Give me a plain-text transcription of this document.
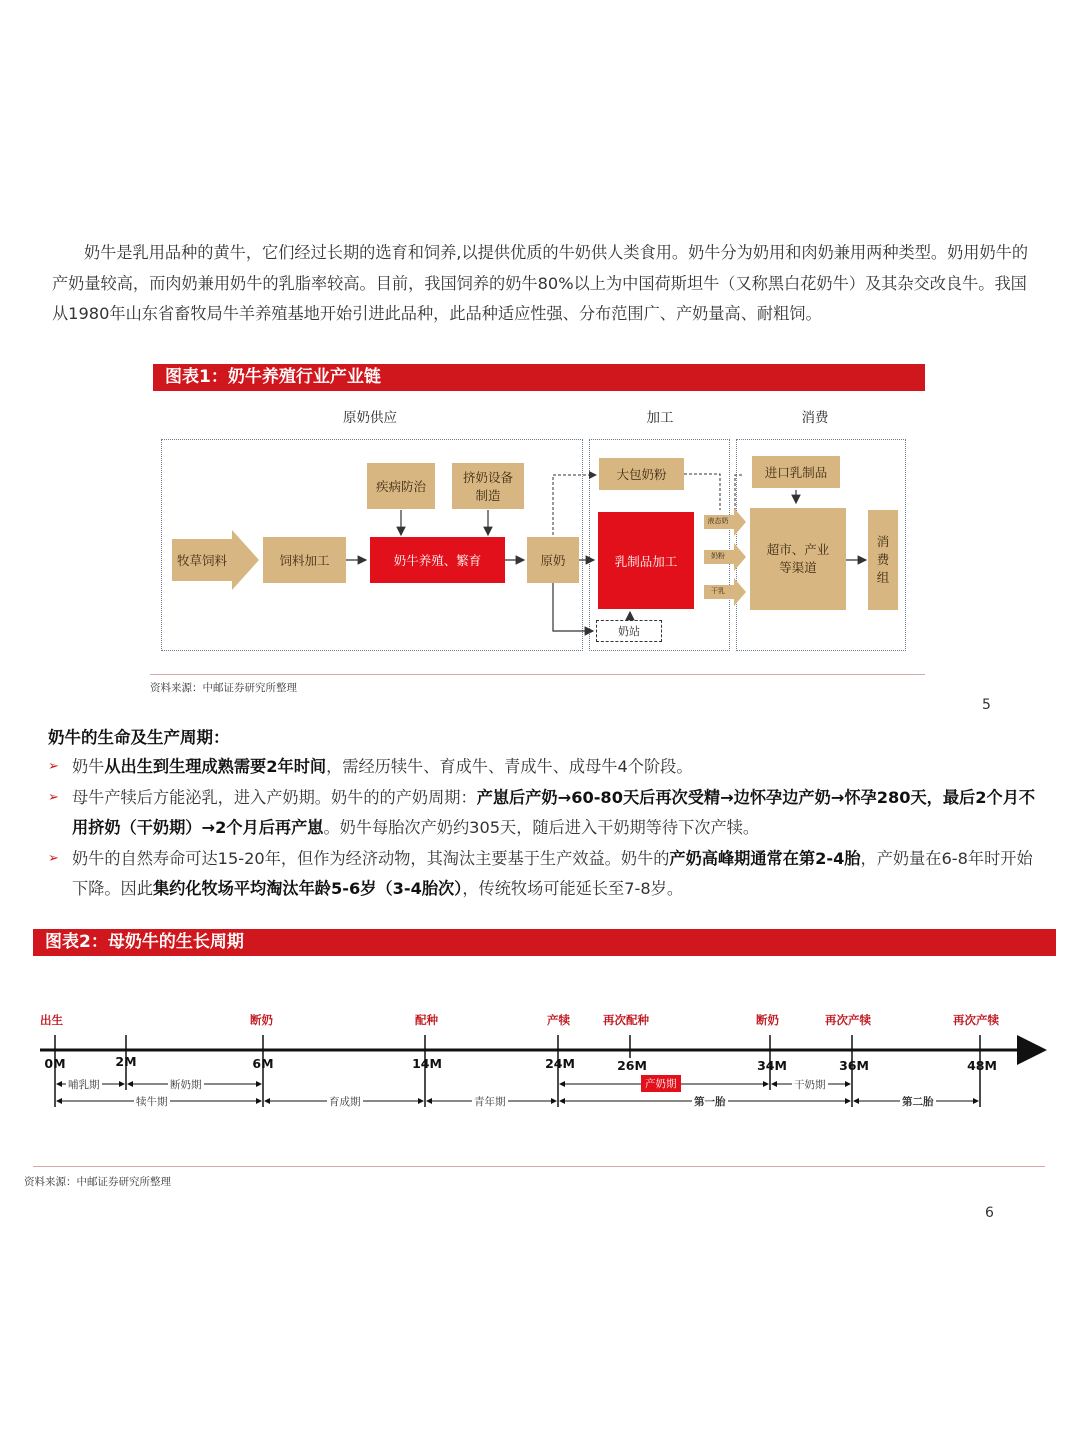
奶牛是乳用品种的黄牛，它们经过长期的选育和饲养,以提供优质的牛奶供人类食用。奶牛分为奶用和肉奶兼用两种类型。奶用奶牛的产奶量较高，而肉奶兼用奶牛的乳脂率较高。目前，我国饲养的奶牛80%以上为中国荷斯坦牛（又称黑白花奶牛）及其杂交改良牛。我国从1980年山东省畜牧局牛羊养殖基地开始引进此品种，此品种适应性强、分布范围广、产奶量高、耐粗饲。

图表1：奶牛养殖行业产业链
原奶供应	加工	消费
牧草饲料	饲料加工
疾病防治
挤奶设备制造
奶牛养殖、繁育	原奶
大包奶粉
乳制品加工
奶站
液态奶
奶粉
干乳
进口乳制品
超市、产业等渠道
消费组
资料来源：中邮证券研究所整理
5
奶牛的生命及生产周期：
➢ 奶牛从出生到生理成熟需要2年时间，需经历犊牛、育成牛、青成牛、成母牛4个阶段。
➢ 母牛产犊后方能泌乳，进入产奶期。奶牛的的产奶周期：产崽后产奶→60-80天后再次受精→边怀孕边产奶→怀孕280天，最后2个月不用挤奶（干奶期）→2个月后再产崽。奶牛每胎次产奶约305天，随后进入干奶期等待下次产犊。
➢ 奶牛的自然寿命可达15-20年，但作为经济动物，其淘汰主要基于生产效益。奶牛的产奶高峰期通常在第2-4胎，产奶量在6-8年时开始下降。因此集约化牧场平均淘汰年龄5-6岁（3-4胎次），传统牧场可能延长至7-8岁。
图表2：母奶牛的生长周期
出生	断奶	配种	产犊	再次配种	断奶	再次产犊	再次产犊
0M	2M	6M	14M	24M	26M	34M	36M	48M
哺乳期	断奶期
犊牛期	育成期	青年期
产奶期
第一胎
干奶期
第二胎
资料来源：中邮证券研究所整理
6
